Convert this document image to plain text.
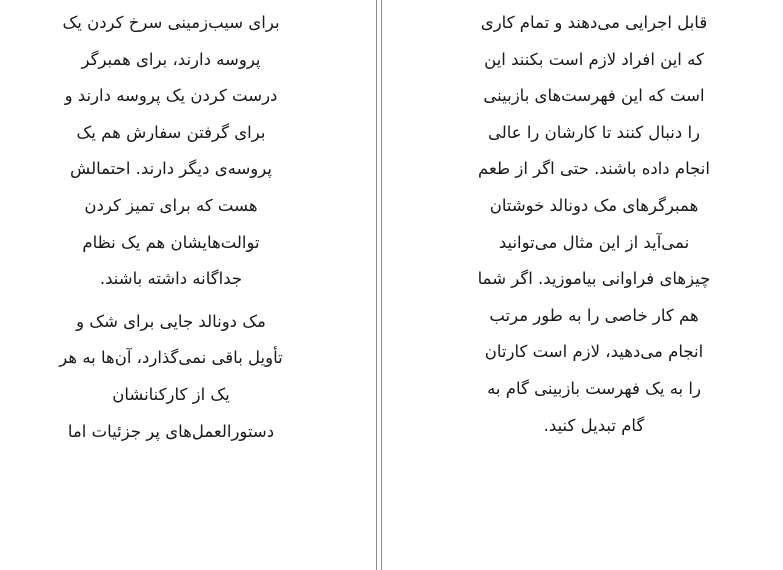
قابل اجرایی می‌دهند و تمام کاری
که این افراد لازم است بکنند این
است که این فهرست‌های بازبینی
را دنبال کنند تا کارشان را عالی
انجام داده باشند. حتی اگر از طعم
همبرگرهای مک دونالد خوشتان
نمی‌آید از این مثال می‌توانید
چیزهای فراوانی بیاموزید. اگر شما
هم کار خاصی را به طور مرتب
انجام می‌دهید، لازم است کارتان
را به یک فهرست بازبینی گام به
گام تبدیل کنید.
برای سیب‌زمینی سرخ کردن یک
پروسه دارند، برای همبرگر
درست کردن یک پروسه دارند و
برای گرفتن سفارش هم یک
پروسه‌ی دیگر دارند. احتمالش
هست که برای تمیز کردن
توالت‌هایشان هم یک نظام
جداگانه داشته باشند.
مک دونالد جایی برای شک و
تأویل باقی نمی‌گذارد، آن‌ها به هر
یک از کارکنانشان
دستورالعمل‌های پر جزئیات اما
